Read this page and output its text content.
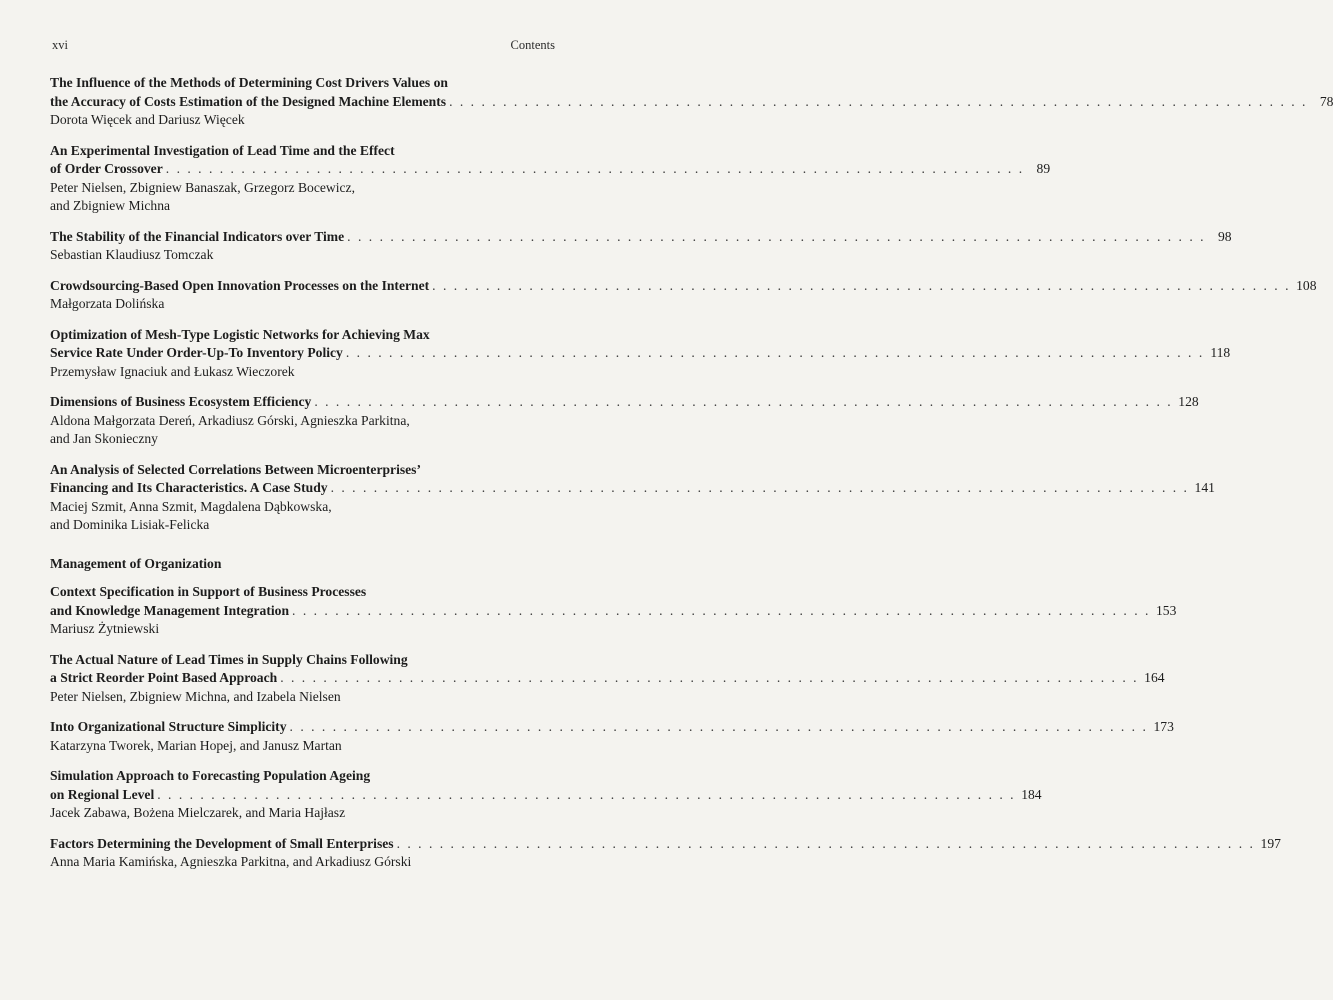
xvi	Contents
The Influence of the Methods of Determining Cost Drivers Values on
the Accuracy of Costs Estimation of the Designed Machine Elements . . . . . . . . . . . . . . . . . . . . . . . . . . . . . . . . . . . . . . . . . . . . . . . . . . . . . . . . . . . . . . . . . . . . . . . . . . . . . . . . 78
Dorota Więcek and Dariusz Więcek
An Experimental Investigation of Lead Time and the Effect
of Order Crossover . . . . . . . . . . . . . . . . . . . . . . . . . . . . . . . . . . . . . . . . . . . . . . . . . . . . . . . . . . . . . . . . . . . . . . . . . . . . . . . . 89
Peter Nielsen, Zbigniew Banaszak, Grzegorz Bocewicz,
and Zbigniew Michna
The Stability of the Financial Indicators over Time . . . . . . . . . . . . . . . . . . . . . . . . . . . . . . . . . . . . . . . . . . . . . . . . . . . . . . . . . . . . . . . . . . . . . . . . . . . . . . . . 98
Sebastian Klaudiusz Tomczak
Crowdsourcing-Based Open Innovation Processes on the Internet . . . . . . . . . . . . . . . . . . . . . . . . . . . . . . . . . . . . . . . . . . . . . . . . . . . . . . . . . . . . . . . . . . . . . . . . . . . . . . . . 108
Małgorzata Dolińska
Optimization of Mesh-Type Logistic Networks for Achieving Max
Service Rate Under Order-Up-To Inventory Policy . . . . . . . . . . . . . . . . . . . . . . . . . . . . . . . . . . . . . . . . . . . . . . . . . . . . . . . . . . . . . . . . . . . . . . . . . . . . . . . . 118
Przemysław Ignaciuk and Łukasz Wieczorek
Dimensions of Business Ecosystem Efficiency . . . . . . . . . . . . . . . . . . . . . . . . . . . . . . . . . . . . . . . . . . . . . . . . . . . . . . . . . . . . . . . . . . . . . . . . . . . . . . . . 128
Aldona Małgorzata Dereń, Arkadiusz Górski, Agnieszka Parkitna,
and Jan Skonieczny
An Analysis of Selected Correlations Between Microenterprises’
Financing and Its Characteristics. A Case Study . . . . . . . . . . . . . . . . . . . . . . . . . . . . . . . . . . . . . . . . . . . . . . . . . . . . . . . . . . . . . . . . . . . . . . . . . . . . . . . . 141
Maciej Szmit, Anna Szmit, Magdalena Dąbkowska,
and Dominika Lisiak-Felicka
Management of Organization
Context Specification in Support of Business Processes
and Knowledge Management Integration . . . . . . . . . . . . . . . . . . . . . . . . . . . . . . . . . . . . . . . . . . . . . . . . . . . . . . . . . . . . . . . . . . . . . . . . . . . . . . . . 153
Mariusz Żytniewski
The Actual Nature of Lead Times in Supply Chains Following
a Strict Reorder Point Based Approach . . . . . . . . . . . . . . . . . . . . . . . . . . . . . . . . . . . . . . . . . . . . . . . . . . . . . . . . . . . . . . . . . . . . . . . . . . . . . . . . 164
Peter Nielsen, Zbigniew Michna, and Izabela Nielsen
Into Organizational Structure Simplicity . . . . . . . . . . . . . . . . . . . . . . . . . . . . . . . . . . . . . . . . . . . . . . . . . . . . . . . . . . . . . . . . . . . . . . . . . . . . . . . . 173
Katarzyna Tworek, Marian Hopej, and Janusz Martan
Simulation Approach to Forecasting Population Ageing
on Regional Level . . . . . . . . . . . . . . . . . . . . . . . . . . . . . . . . . . . . . . . . . . . . . . . . . . . . . . . . . . . . . . . . . . . . . . . . . . . . . . . . 184
Jacek Zabawa, Bożena Mielczarek, and Maria Hajłasz
Factors Determining the Development of Small Enterprises . . . . . . . . . . . . . . . . . . . . . . . . . . . . . . . . . . . . . . . . . . . . . . . . . . . . . . . . . . . . . . . . . . . . . . . . . . . . . . . . 197
Anna Maria Kamińska, Agnieszka Parkitna, and Arkadiusz Górski
